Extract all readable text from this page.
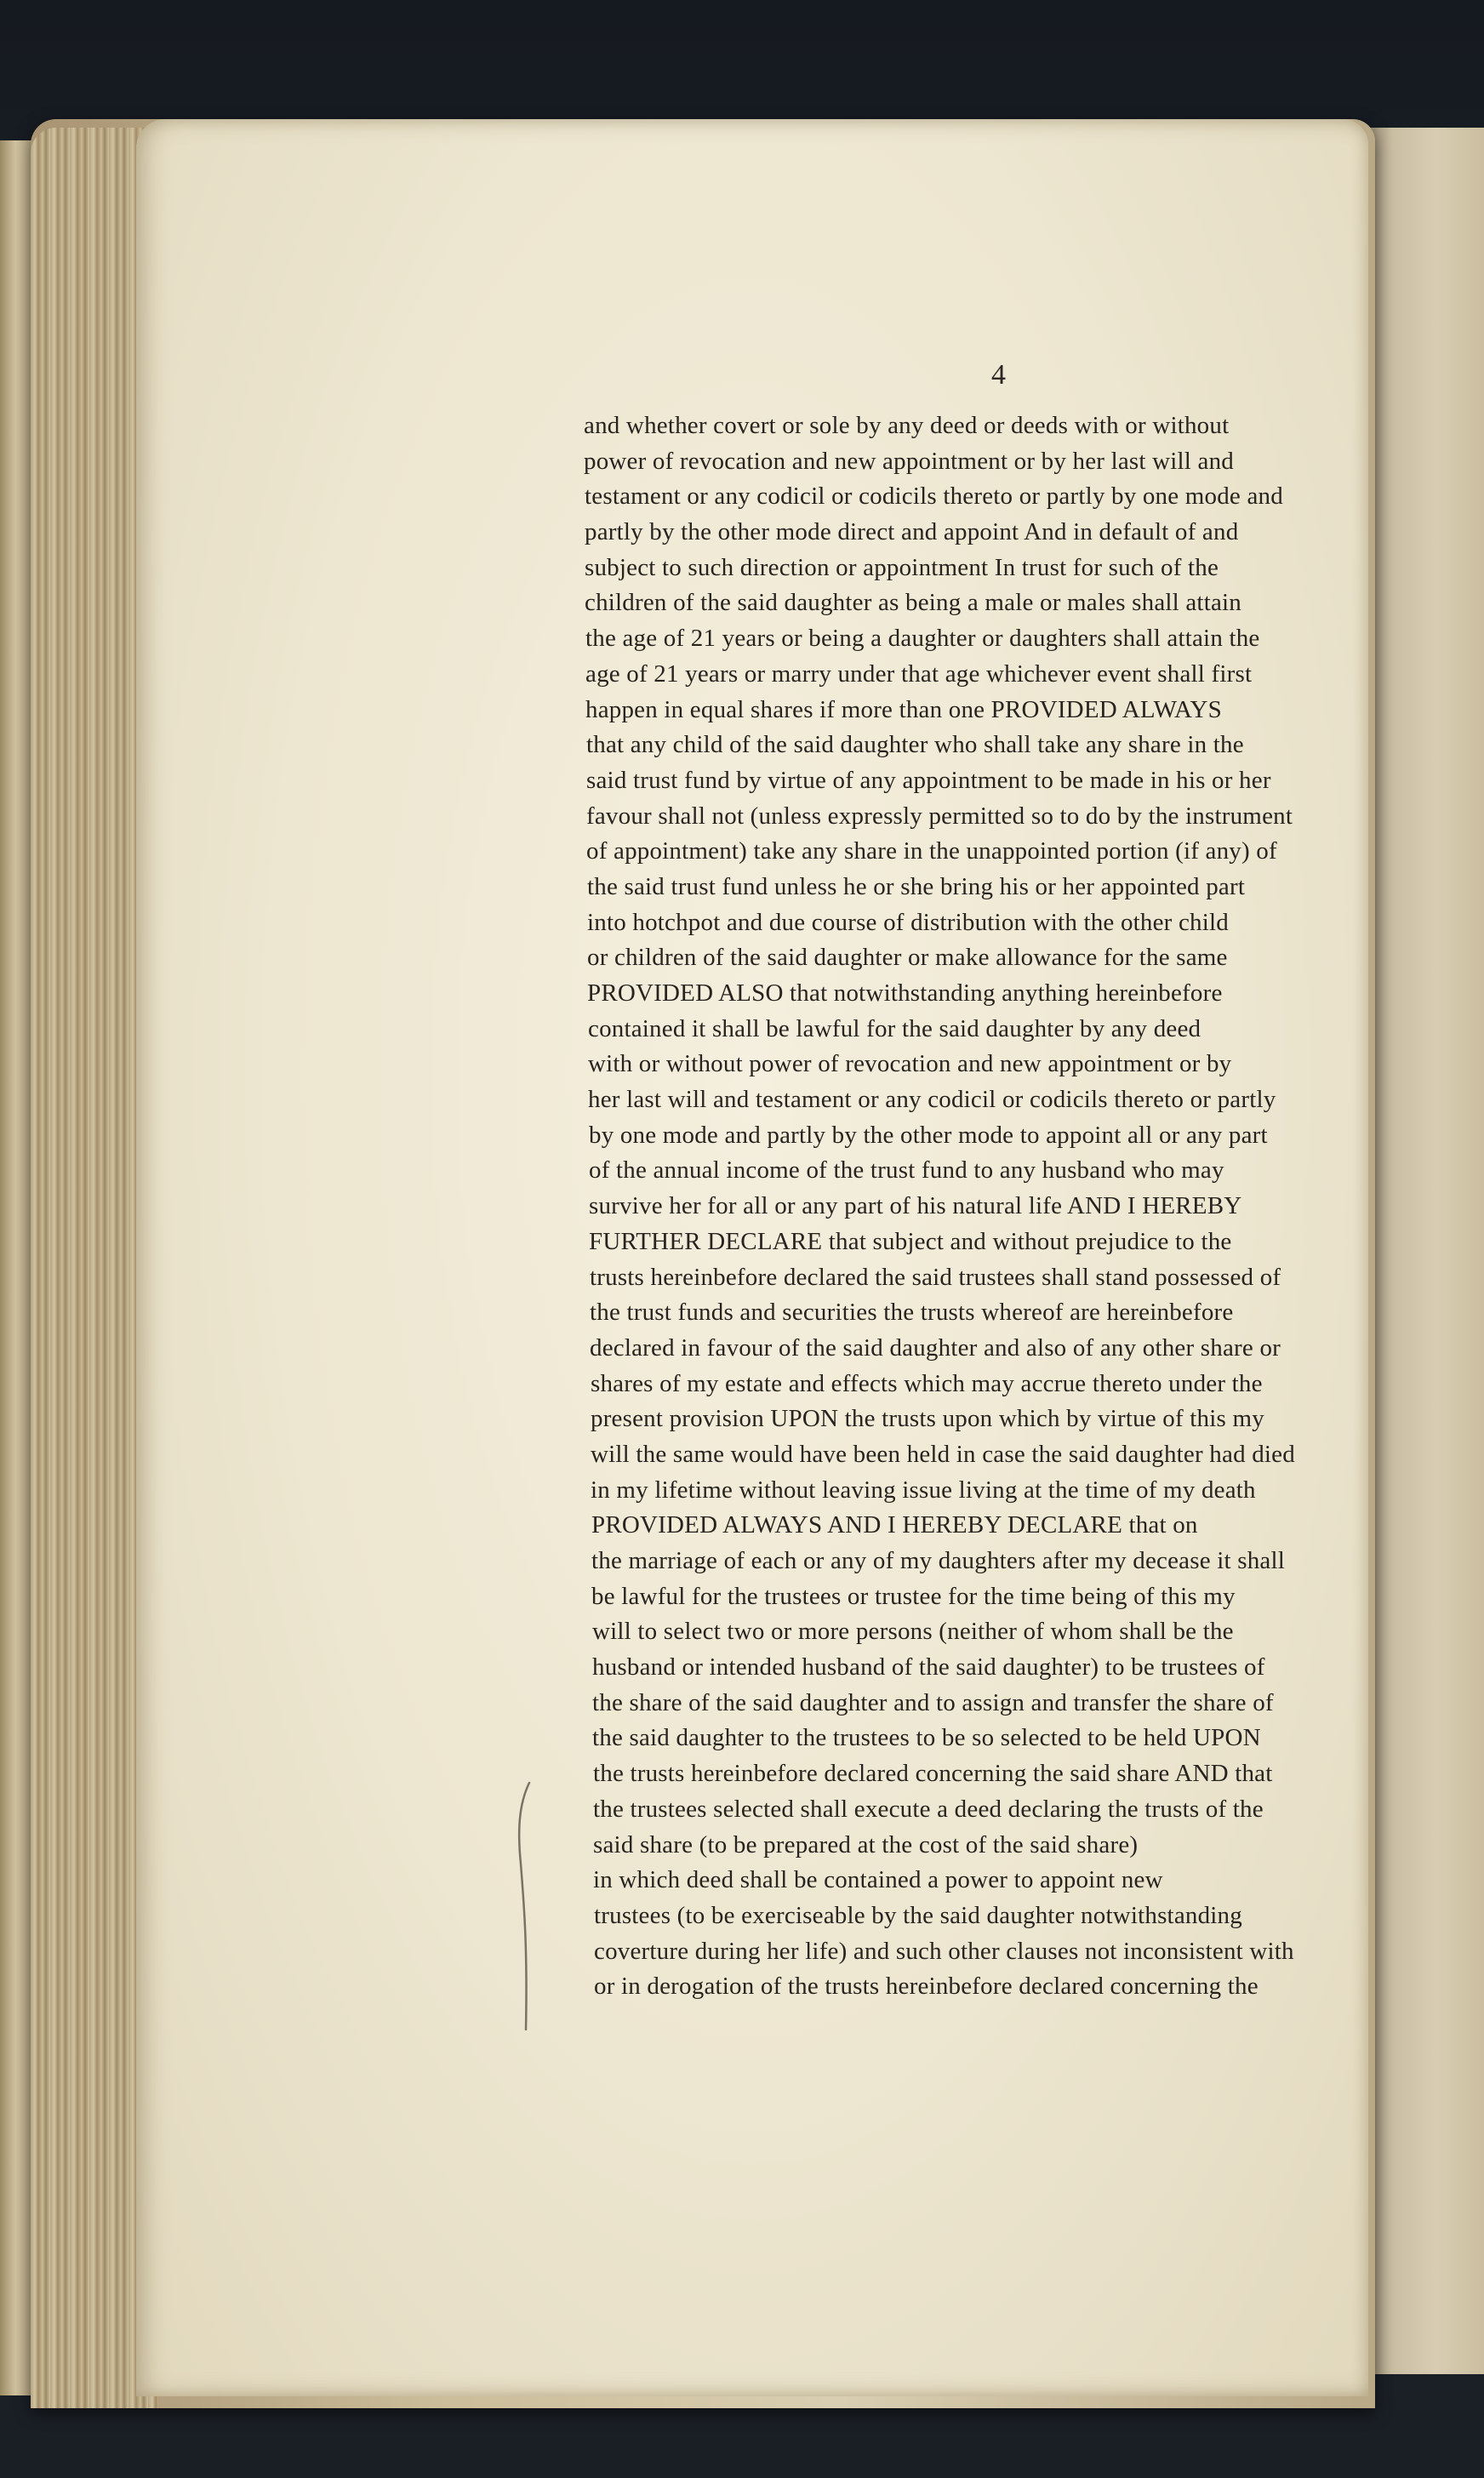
4
and whether covert or sole by any deed or deeds with or without
power of revocation and new appointment or by her last will and
testament or any codicil or codicils thereto or partly by one mode and
partly by the other mode direct and appoint And in default of and
subject to such direction or appointment In trust for such of the
children of the said daughter as being a male or males shall attain
the age of 21 years or being a daughter or daughters shall attain the
age of 21 years or marry under that age whichever event shall first
happen in equal shares if more than one PROVIDED ALWAYS
that any child of the said daughter who shall take any share in the
said trust fund by virtue of any appointment to be made in his or her
favour shall not (unless expressly permitted so to do by the instrument
of appointment) take any share in the unappointed portion (if any) of
the said trust fund unless he or she bring his or her appointed part
into hotchpot and due course of distribution with the other child
or children of the said daughter or make allowance for the same
PROVIDED ALSO that notwithstanding anything hereinbefore
contained it shall be lawful for the said daughter by any deed
with or without power of revocation and new appointment or by
her last will and testament or any codicil or codicils thereto or partly
by one mode and partly by the other mode to appoint all or any part
of the annual income of the trust fund to any husband who may
survive her for all or any part of his natural life AND I HEREBY
FURTHER DECLARE that subject and without prejudice to the
trusts hereinbefore declared the said trustees shall stand possessed of
the trust funds and securities the trusts whereof are hereinbefore
declared in favour of the said daughter and also of any other share or
shares of my estate and effects which may accrue thereto under the
present provision UPON the trusts upon which by virtue of this my
will the same would have been held in case the said daughter had died
in my lifetime without leaving issue living at the time of my death
PROVIDED ALWAYS AND I HEREBY DECLARE that on
the marriage of each or any of my daughters after my decease it shall
be lawful for the trustees or trustee for the time being of this my
will to select two or more persons (neither of whom shall be the
husband or intended husband of the said daughter) to be trustees of
the share of the said daughter and to assign and transfer the share of
the said daughter to the trustees to be so selected to be held UPON
the trusts hereinbefore declared concerning the said share AND that
the trustees selected shall execute a deed declaring the trusts of the
said share (to be prepared at the cost of the said share)
in which deed shall be contained a power to appoint new
trustees (to be exerciseable by the said daughter notwithstanding
coverture during her life) and such other clauses not inconsistent with
or in derogation of the trusts hereinbefore declared concerning the
